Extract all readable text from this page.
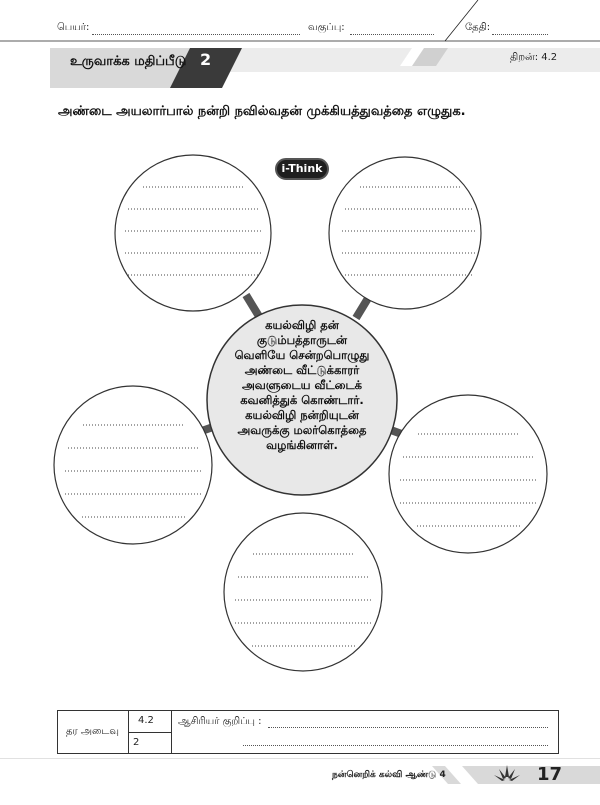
பெயர்:	வகுப்பு:	தேதி:
உருவாக்க மதிப்பீடு 2	திறன்: 4.2
அண்டை அயலார்பால் நன்றி நவில்வதன் முக்கியத்துவத்தை எழுதுக.
i-Think
கயல்விழி தன்
குடும்பத்தாருடன்
வெளியே சென்றபொழுது
அண்டை வீட்டுக்காரர்
அவளுடைய வீட்டைக்
கவனித்துக் கொண்டார்.
கயல்விழி நன்றியுடன்
அவருக்கு மலர்கொத்தை
வழங்கினாள்.
தர அடைவு
4.2
2
ஆசிரியர் குறிப்பு :
நன்னெறிக் கல்வி ஆண்டு 4	17
